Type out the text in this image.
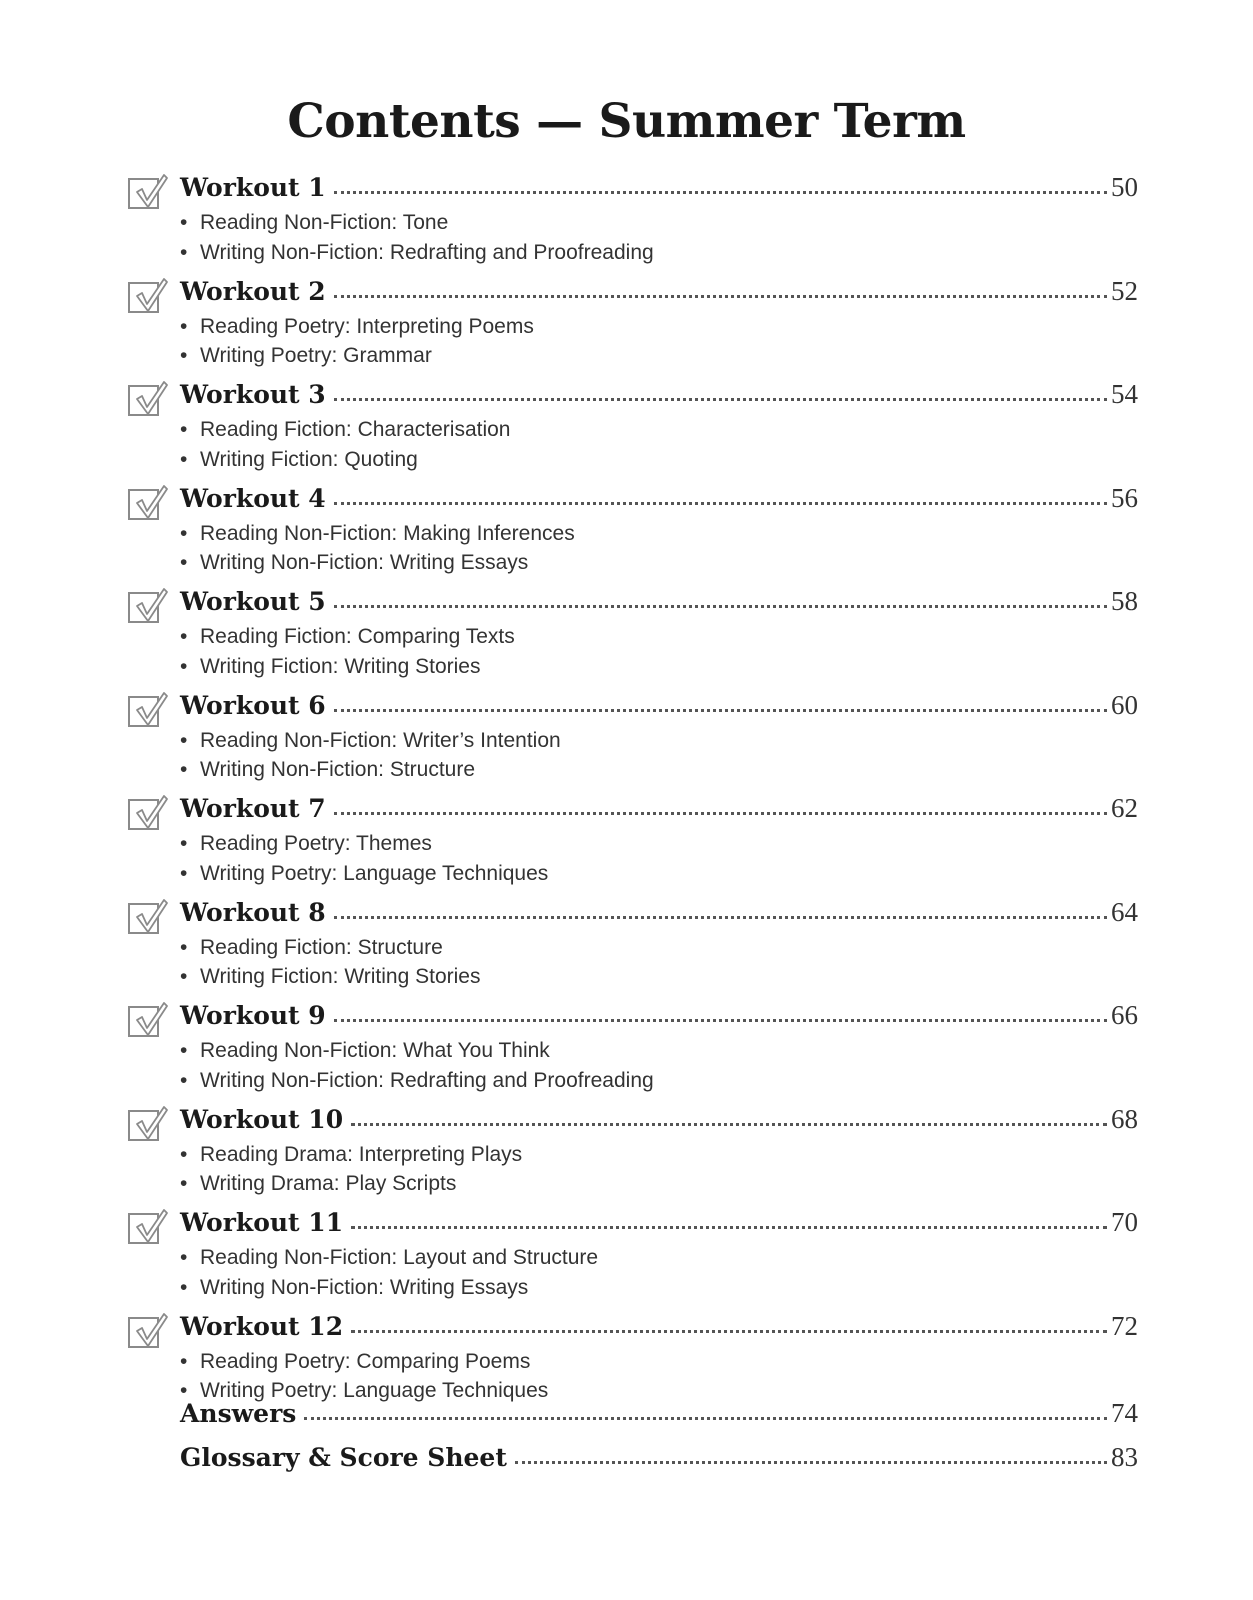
Contents — Summer Term
Workout 1	50
• Reading Non-Fiction: Tone
• Writing Non-Fiction: Redrafting and Proofreading
Workout 2	52
• Reading Poetry: Interpreting Poems
• Writing Poetry: Grammar
Workout 3	54
• Reading Fiction: Characterisation
• Writing Fiction: Quoting
Workout 4	56
• Reading Non-Fiction: Making Inferences
• Writing Non-Fiction: Writing Essays
Workout 5	58
• Reading Fiction: Comparing Texts
• Writing Fiction: Writing Stories
Workout 6	60
• Reading Non-Fiction: Writer’s Intention
• Writing Non-Fiction: Structure
Workout 7	62
• Reading Poetry: Themes
• Writing Poetry: Language Techniques
Workout 8	64
• Reading Fiction: Structure
• Writing Fiction: Writing Stories
Workout 9	66
• Reading Non-Fiction: What You Think
• Writing Non-Fiction: Redrafting and Proofreading
Workout 10	68
• Reading Drama: Interpreting Plays
• Writing Drama: Play Scripts
Workout 11	70
• Reading Non-Fiction: Layout and Structure
• Writing Non-Fiction: Writing Essays
Workout 12	72
• Reading Poetry: Comparing Poems
• Writing Poetry: Language Techniques
Answers	74
Glossary & Score Sheet	83
